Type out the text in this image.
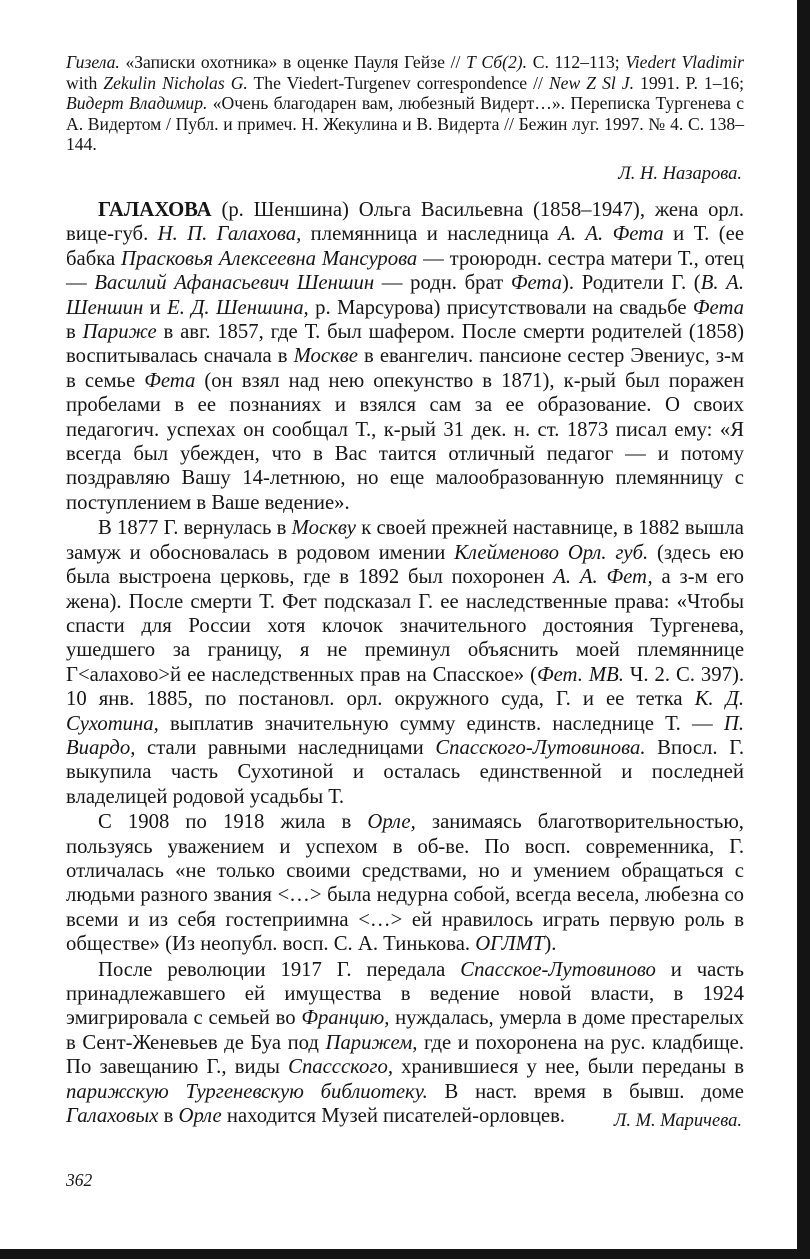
Гизела. «Записки охотника» в оценке Пауля Гейзе // Т Сб(2). С. 112–113; Viedert Vladimir with Zekulin Nicholas G. The Viedert-Turgenev correspondence // New Z Sl J. 1991. P. 1–16; Видерт Владимир. «Очень благодарен вам, любезный Видерт…». Переписка Тургенева с А. Видертом / Публ. и примеч. Н. Жекулина и В. Видерта // Бежин луг. 1997. № 4. С. 138–144.
Л. Н. Назарова.

ГАЛАХОВА (р. Шеншина) Ольга Васильевна (1858–1947), жена орл. вице-губ. Н. П. Галахова, племянница и наследница А. А. Фета и Т. (ее бабка Прасковья Алексеевна Мансурова — троюродн. сестра матери Т., отец — Василий Афанасьевич Шеншин — родн. брат Фета). Родители Г. (В. А. Шеншин и Е. Д. Шеншина, р. Марсурова) присутствовали на свадьбе Фета в Париже в авг. 1857, где Т. был шафером. После смерти родителей (1858) воспитывалась сначала в Москве в евангелич. пансионе сестер Эвениус, з-м в семье Фета (он взял над нею опекунство в 1871), к-рый был поражен пробелами в ее познаниях и взялся сам за ее образование. О своих педагогич. успехах он сообщал Т., к-рый 31 дек. н. ст. 1873 писал ему: «Я всегда был убежден, что в Вас таится отличный педагог — и потому поздравляю Вашу 14-летнюю, но еще малообразованную племянницу с поступлением в Ваше ведение».

В 1877 Г. вернулась в Москву к своей прежней наставнице, в 1882 вышла замуж и обосновалась в родовом имении Клейменово Орл. губ. (здесь ею была выстроена церковь, где в 1892 был похоронен А. А. Фет, а з-м его жена). После смерти Т. Фет подсказал Г. ее наследственные права: «Чтобы спасти для России хотя клочок значительного достояния Тургенева, ушедшего за границу, я не преминул объяснить моей племяннице Г<алахово>й ее наследственных прав на Спасское» (Фет. МВ. Ч. 2. С. 397). 10 янв. 1885, по постановл. орл. окружного суда, Г. и ее тетка К. Д. Сухотина, выплатив значительную сумму единств. наследнице Т. — П. Виардо, стали равными наследницами Спасского-Лутовинова. Впосл. Г. выкупила часть Сухотиной и осталась единственной и последней владелицей родовой усадьбы Т.

С 1908 по 1918 жила в Орле, занимаясь благотворительностью, пользуясь уважением и успехом в об-ве. По восп. современника, Г. отличалась «не только своими средствами, но и умением обращаться с людьми разного звания <…> была недурна собой, всегда весела, любезна со всеми и из себя гостеприимна <…> ей нравилось играть первую роль в обществе» (Из неопубл. восп. С. А. Тинькова. ОГЛМТ).

После революции 1917 Г. передала Спасское-Лутовиново и часть принадлежавшего ей имущества в ведение новой власти, в 1924 эмигрировала с семьей во Францию, нуждалась, умерла в доме престарелых в Сент-Женевьев де Буа под Парижем, где и похоронена на рус. кладбище. По завещанию Г., виды Спассского, хранившиеся у нее, были переданы в парижскую Тургеневскую библиотеку. В наст. время в бывш. доме Галаховых в Орле находится Музей писателей-орловцев.	Л. М. Маричева.
362
